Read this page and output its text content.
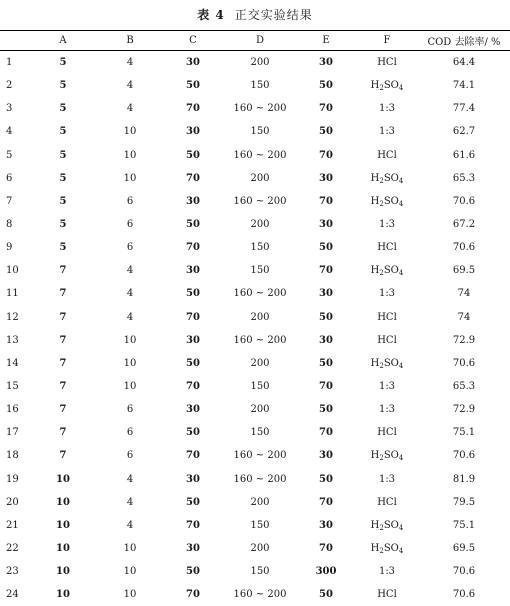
表 4 正交实验结果
	A	B	C	D	E	F	COD 去除率/ %
1	5	4	30	200	30	HCl	64.4
2	5	4	50	150	50	$H_2SO_4$	74.1
3	5	4	70	160 ~ 200	70	1:3	77.4
4	5	10	30	150	50	1:3	62.7
5	5	10	50	160 ~ 200	70	HCl	61.6
6	5	10	70	200	30	$H_2SO_4$	65.3
7	5	6	30	160 ~ 200	70	$H_2SO_4$	70.6
8	5	6	50	200	30	1:3	67.2
9	5	6	70	150	50	HCl	70.6
10	7	4	30	150	70	$H_2SO_4$	69.5
11	7	4	50	160 ~ 200	30	1:3	74
12	7	4	70	200	50	HCl	74
13	7	10	30	160 ~ 200	30	HCl	72.9
14	7	10	50	200	50	$H_2SO_4$	70.6
15	7	10	70	150	70	1:3	65.3
16	7	6	30	200	50	1:3	72.9
17	7	6	50	150	70	HCl	75.1
18	7	6	70	160 ~ 200	30	$H_2SO_4$	70.6
19	10	4	30	160 ~ 200	50	1:3	81.9
20	10	4	50	200	70	HCl	79.5
21	10	4	70	150	30	$H_2SO_4$	75.1
22	10	10	30	200	70	$H_2SO_4$	69.5
23	10	10	50	150	300	1:3	70.6
24	10	10	70	160 ~ 200	50	HCl	70.6
